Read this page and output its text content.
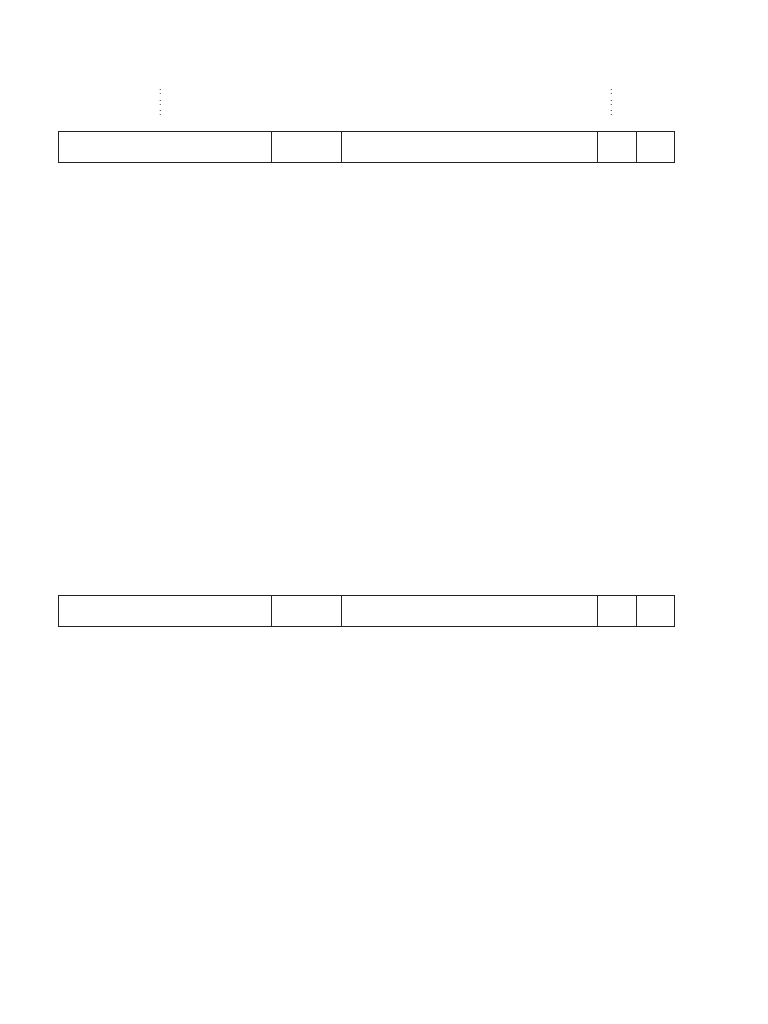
:
:
:
:
:
:
